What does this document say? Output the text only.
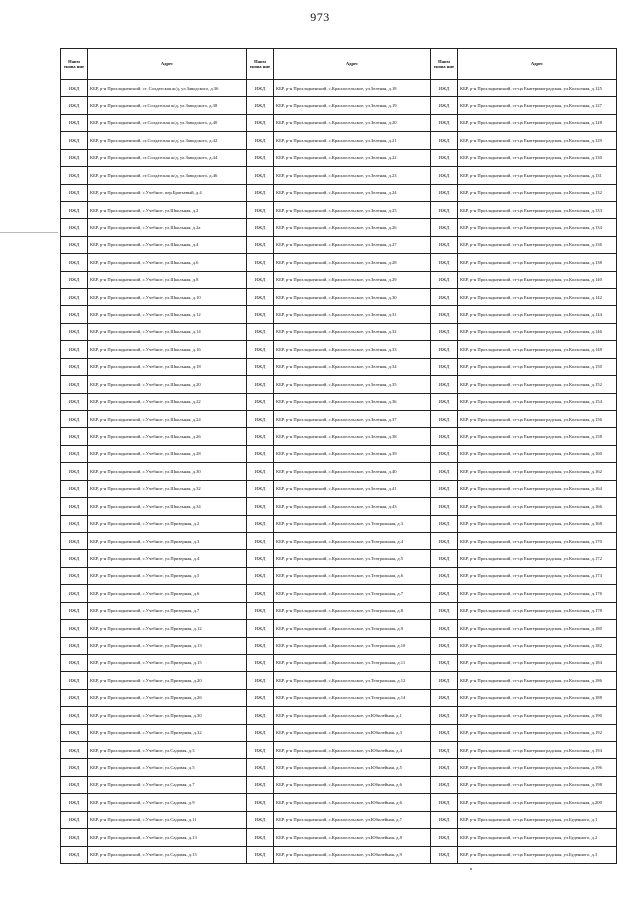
973
Наим енова ние	Адрес	Наим енова ние	Адрес	Наим енова ние	Адрес
ИЖД	КБР, р-н Прохладненский, ст. Солдатская ж/д, ул.Заводского, д.36	ИЖД	КБР, р-н Прохладненский, с.Красносельское, ул.Зеленая, д.18	ИЖД	КБР, р-н Прохладненский, ст-ца Екатериноградская, ул.Колхозная, д.125
ИЖД	КБР, р-н Прохладненский, ст.Солдатская ж/д, ул.Заводского, д.38	ИЖД	КБР, р-н Прохладненский, с.Красносельское, ул.Зеленая, д.19	ИЖД	КБР, р-н Прохладненский, ст-ца Екатериноградская, ул.Колхозная, д.127
ИЖД	КБР, р-н Прохладненский, ст.Солдатская ж/д, ул.Заводского, д.40	ИЖД	КБР, р-н Прохладненский, с.Красносельское, ул.Зеленая, д.20	ИЖД	КБР, р-н Прохладненский, ст-ца Екатериноградская, ул.Колхозная, д.128
ИЖД	КБР, р-н Прохладненский, ст.Солдатская ж/д, ул.Заводского, д.42	ИЖД	КБР, р-н Прохладненский, с.Красносельское, ул.Зеленая, д.21	ИЖД	КБР, р-н Прохладненский, ст-ца Екатериноградская, ул.Колхозная, д.129
ИЖД	КБР, р-н Прохладненский, ст.Солдатская ж/д, ул.Заводского, д.44	ИЖД	КБР, р-н Прохладненский, с.Красносельское, ул.Зеленая, д.22	ИЖД	КБР, р-н Прохладненский, ст-ца Екатериноградская, ул.Колхозная, д.130
ИЖД	КБР, р-н Прохладненский, ст.Солдатская ж/д, ул.Заводского, д.46	ИЖД	КБР, р-н Прохладненский, с.Красносельское, ул.Зеленая, д.23	ИЖД	КБР, р-н Прохладненский, ст-ца Екатериноградская, ул.Колхозная, д.131
ИЖД	КБР, р-н Прохладненский, с.Учебное, пер.Братьевый, д.4	ИЖД	КБР, р-н Прохладненский, с.Красносельское, ул.Зеленая, д.24	ИЖД	КБР, р-н Прохладненский, ст-ца Екатериноградская, ул.Колхозная, д.132
ИЖД	КБР, р-н Прохладненский, с.Учебное, ул.Школьная, д.2	ИЖД	КБР, р-н Прохладненский, с.Красносельское, ул.Зеленая, д.25	ИЖД	КБР, р-н Прохладненский, ст-ца Екатериноградская, ул.Колхозная, д.133
ИЖД	КБР, р-н Прохладненский, с.Учебное, ул.Школьная, д.2а	ИЖД	КБР, р-н Прохладненский, с.Красносельское, ул.Зеленая, д.26	ИЖД	КБР, р-н Прохладненский, ст-ца Екатериноградская, ул.Колхозная, д.134
ИЖД	КБР, р-н Прохладненский, с.Учебное, ул.Школьная, д.4	ИЖД	КБР, р-н Прохладненский, с.Красносельское, ул.Зеленая, д.27	ИЖД	КБР, р-н Прохладненский, ст-ца Екатериноградская, ул.Колхозная, д.136
ИЖД	КБР, р-н Прохладненский, с.Учебное, ул.Школьная, д.6	ИЖД	КБР, р-н Прохладненский, с.Красносельское, ул.Зеленая, д.28	ИЖД	КБР, р-н Прохладненский, ст-ца Екатериноградская, ул.Колхозная, д.138
ИЖД	КБР, р-н Прохладненский, с.Учебное, ул.Школьная, д.8	ИЖД	КБР, р-н Прохладненский, с.Красносельское, ул.Зеленая, д.29	ИЖД	КБР, р-н Прохладненский, ст-ца Екатериноградская, ул.Колхозная, д.140
ИЖД	КБР, р-н Прохладненский, с.Учебное, ул.Школьная, д.10	ИЖД	КБР, р-н Прохладненский, с.Красносельское, ул.Зеленая, д.30	ИЖД	КБР, р-н Прохладненский, ст-ца Екатериноградская, ул.Колхозная, д.142
ИЖД	КБР, р-н Прохладненский, с.Учебное, ул.Школьная, д.12	ИЖД	КБР, р-н Прохладненский, с.Красносельское, ул.Зеленая, д.31	ИЖД	КБР, р-н Прохладненский, ст-ца Екатериноградская, ул.Колхозная, д.144
ИЖД	КБР, р-н Прохладненский, с.Учебное, ул.Школьная, д.14	ИЖД	КБР, р-н Прохладненский, с.Красносельское, ул.Зеленая, д.32	ИЖД	КБР, р-н Прохладненский, ст-ца Екатериноградская, ул.Колхозная, д.146
ИЖД	КБР, р-н Прохладненский, с.Учебное, ул.Школьная, д.16	ИЖД	КБР, р-н Прохладненский, с.Красносельское, ул.Зеленая, д.33	ИЖД	КБР, р-н Прохладненский, ст-ца Екатериноградская, ул.Колхозная, д.148
ИЖД	КБР, р-н Прохладненский, с.Учебное, ул.Школьная, д.18	ИЖД	КБР, р-н Прохладненский, с.Красносельское, ул.Зеленая, д.34	ИЖД	КБР, р-н Прохладненский, ст-ца Екатериноградская, ул.Колхозная, д.150
ИЖД	КБР, р-н Прохладненский, с.Учебное, ул.Школьная, д.20	ИЖД	КБР, р-н Прохладненский, с.Красносельское, ул.Зеленая, д.35	ИЖД	КБР, р-н Прохладненский, ст-ца Екатериноградская, ул.Колхозная, д.152
ИЖД	КБР, р-н Прохладненский, с.Учебное, ул.Школьная, д.22	ИЖД	КБР, р-н Прохладненский, с.Красносельское, ул.Зеленая, д.36	ИЖД	КБР, р-н Прохладненский, ст-ца Екатериноградская, ул.Колхозная, д.154
ИЖД	КБР, р-н Прохладненский, с.Учебное, ул.Школьная, д.24	ИЖД	КБР, р-н Прохладненский, с.Красносельское, ул.Зеленая, д.37	ИЖД	КБР, р-н Прохладненский, ст-ца Екатериноградская, ул.Колхозная, д.156
ИЖД	КБР, р-н Прохладненский, с.Учебное, ул.Школьная, д.26	ИЖД	КБР, р-н Прохладненский, с.Красносельское, ул.Зеленая, д.38	ИЖД	КБР, р-н Прохладненский, ст-ца Екатериноградская, ул.Колхозная, д.158
ИЖД	КБР, р-н Прохладненский, с.Учебное, ул.Школьная, д.28	ИЖД	КБР, р-н Прохладненский, с.Красносельское, ул.Зеленая, д.39	ИЖД	КБР, р-н Прохладненский, ст-ца Екатериноградская, ул.Колхозная, д.160
ИЖД	КБР, р-н Прохладненский, с.Учебное, ул.Школьная, д.30	ИЖД	КБР, р-н Прохладненский, с.Красносельское, ул.Зеленая, д.40	ИЖД	КБР, р-н Прохладненский, ст-ца Екатериноградская, ул.Колхозная, д.162
ИЖД	КБР, р-н Прохладненский, с.Учебное, ул.Школьная, д.32	ИЖД	КБР, р-н Прохладненский, с.Красносельское, ул.Зеленая, д.41	ИЖД	КБР, р-н Прохладненский, ст-ца Екатериноградская, ул.Колхозная, д.164
ИЖД	КБР, р-н Прохладненский, с.Учебное, ул.Школьная, д.34	ИЖД	КБР, р-н Прохладненский, с.Красносельское, ул.Зеленая, д.43	ИЖД	КБР, р-н Прохладненский, ст-ца Екатериноградская, ул.Колхозная, д.166
ИЖД	КБР, р-н Прохладненский, с.Учебное, ул.Призерная, д.2	ИЖД	КБР, р-н Прохладненский, с.Красносельское, ул.Театральная, д.3	ИЖД	КБР, р-н Прохладненский, ст-ца Екатериноградская, ул.Колхозная, д.168
ИЖД	КБР, р-н Прохладненский, с.Учебное, ул.Призерная, д.3	ИЖД	КБР, р-н Прохладненский, с.Красносельское, ул.Театральная, д.4	ИЖД	КБР, р-н Прохладненский, ст-ца Екатериноградская, ул.Колхозная, д.170
ИЖД	КБР, р-н Прохладненский, с.Учебное, ул.Призерная, д.4	ИЖД	КБР, р-н Прохладненский, с.Красносельское, ул.Театральная, д.5	ИЖД	КБР, р-н Прохладненский, ст-ца Екатериноградская, ул.Колхозная, д.172
ИЖД	КБР, р-н Прохладненский, с.Учебное, ул.Призерная, д.5	ИЖД	КБР, р-н Прохладненский, с.Красносельское, ул.Театральная, д.6	ИЖД	КБР, р-н Прохладненский, ст-ца Екатериноградская, ул.Колхозная, д.174
ИЖД	КБР, р-н Прохладненский, с.Учебное, ул.Призерная, д.6	ИЖД	КБР, р-н Прохладненский, с.Красносельское, ул.Театральная, д.7	ИЖД	КБР, р-н Прохладненский, ст-ца Екатериноградская, ул.Колхозная, д.176
ИЖД	КБР, р-н Прохладненский, с.Учебное, ул.Призерная, д.7	ИЖД	КБР, р-н Прохладненский, с.Красносельское, ул.Театральная, д.8	ИЖД	КБР, р-н Прохладненский, ст-ца Екатериноградская, ул.Колхозная, д.178
ИЖД	КБР, р-н Прохладненский, с.Учебное, ул.Призерная, д.12	ИЖД	КБР, р-н Прохладненский, с.Красносельское, ул.Театральная, д.9	ИЖД	КБР, р-н Прохладненский, ст-ца Екатериноградская, ул.Колхозная, д.180
ИЖД	КБР, р-н Прохладненский, с.Учебное, ул.Призерная, д.13	ИЖД	КБР, р-н Прохладненский, с.Красносельское, ул.Театральная, д.10	ИЖД	КБР, р-н Прохладненский, ст-ца Екатериноградская, ул.Колхозная, д.182
ИЖД	КБР, р-н Прохладненский, с.Учебное, ул.Призерная, д.15	ИЖД	КБР, р-н Прохладненский, с.Красносельское, ул.Театральная, д.11	ИЖД	КБР, р-н Прохладненский, ст-ца Екатериноградская, ул.Колхозная, д.184
ИЖД	КБР, р-н Прохладненский, с.Учебное, ул.Призерная, д.20	ИЖД	КБР, р-н Прохладненский, с.Красносельское, ул.Театральная, д.12	ИЖД	КБР, р-н Прохладненский, ст-ца Екатериноградская, ул.Колхозная, д.186
ИЖД	КБР, р-н Прохладненский, с.Учебное, ул.Призерная, д.26	ИЖД	КБР, р-н Прохладненский, с.Красносельское, ул.Театральная, д.14	ИЖД	КБР, р-н Прохладненский, ст-ца Екатериноградская, ул.Колхозная, д.188
ИЖД	КБР, р-н Прохладненский, с.Учебное, ул.Призерная, д.30	ИЖД	КБР, р-н Прохладненский, с.Красносельское, ул.Юбилейная, д.1	ИЖД	КБР, р-н Прохладненский, ст-ца Екатериноградская, ул.Колхозная, д.190
ИЖД	КБР, р-н Прохладненский, с.Учебное, ул.Призерная, д.32	ИЖД	КБР, р-н Прохладненский, с.Красносельское, ул.Юбилейная, д.3	ИЖД	КБР, р-н Прохладненский, ст-ца Екатериноградская, ул.Колхозная, д.192
ИЖД	КБР, р-н Прохладненский, с.Учебное, ул.Садовая, д.3	ИЖД	КБР, р-н Прохладненский, с.Красносельское, ул.Юбилейная, д.4	ИЖД	КБР, р-н Прохладненский, ст-ца Екатериноградская, ул.Колхозная, д.194
ИЖД	КБР, р-н Прохладненский, с.Учебное, ул.Садовая, д.5	ИЖД	КБР, р-н Прохладненский, с.Красносельское, ул.Юбилейная, д.5	ИЖД	КБР, р-н Прохладненский, ст-ца Екатериноградская, ул.Колхозная, д.196
ИЖД	КБР, р-н Прохладненский, с.Учебное, ул.Садовая, д.7	ИЖД	КБР, р-н Прохладненский, с.Красносельское, ул.Юбилейная, д.6	ИЖД	КБР, р-н Прохладненский, ст-ца Екатериноградская, ул.Колхозная, д.198
ИЖД	КБР, р-н Прохладненский, с.Учебное, ул.Садовая, д.9	ИЖД	КБР, р-н Прохладненский, с.Красносельское, ул.Юбилейная, д.6	ИЖД	КБР, р-н Прохладненский, ст-ца Екатериноградская, ул.Колхозная, д.200
ИЖД	КБР, р-н Прохладненский, с.Учебное, ул.Садовая, д.11	ИЖД	КБР, р-н Прохладненский, с.Красносельское, ул.Юбилейная, д.7	ИЖД	КБР, р-н Прохладненский, ст-ца Екатериноградская, ул.Буденного, д.1
ИЖД	КБР, р-н Прохладненский, с.Учебное, ул.Садовая, д.13	ИЖД	КБР, р-н Прохладненский, с.Красносельское, ул.Юбилейная, д.8	ИЖД	КБР, р-н Прохладненский, ст-ца Екатериноградская, ул.Буденного, д.2
ИЖД	КБР, р-н Прохладненский, с.Учебное, ул.Садовая, д.15	ИЖД	КБР, р-н Прохладненский, с.Красносельское, ул.Юбилейная, д.9	ИЖД	КБР, р-н Прохладненский, ст-ца Екатериноградская, ул.Буденного, д.3
